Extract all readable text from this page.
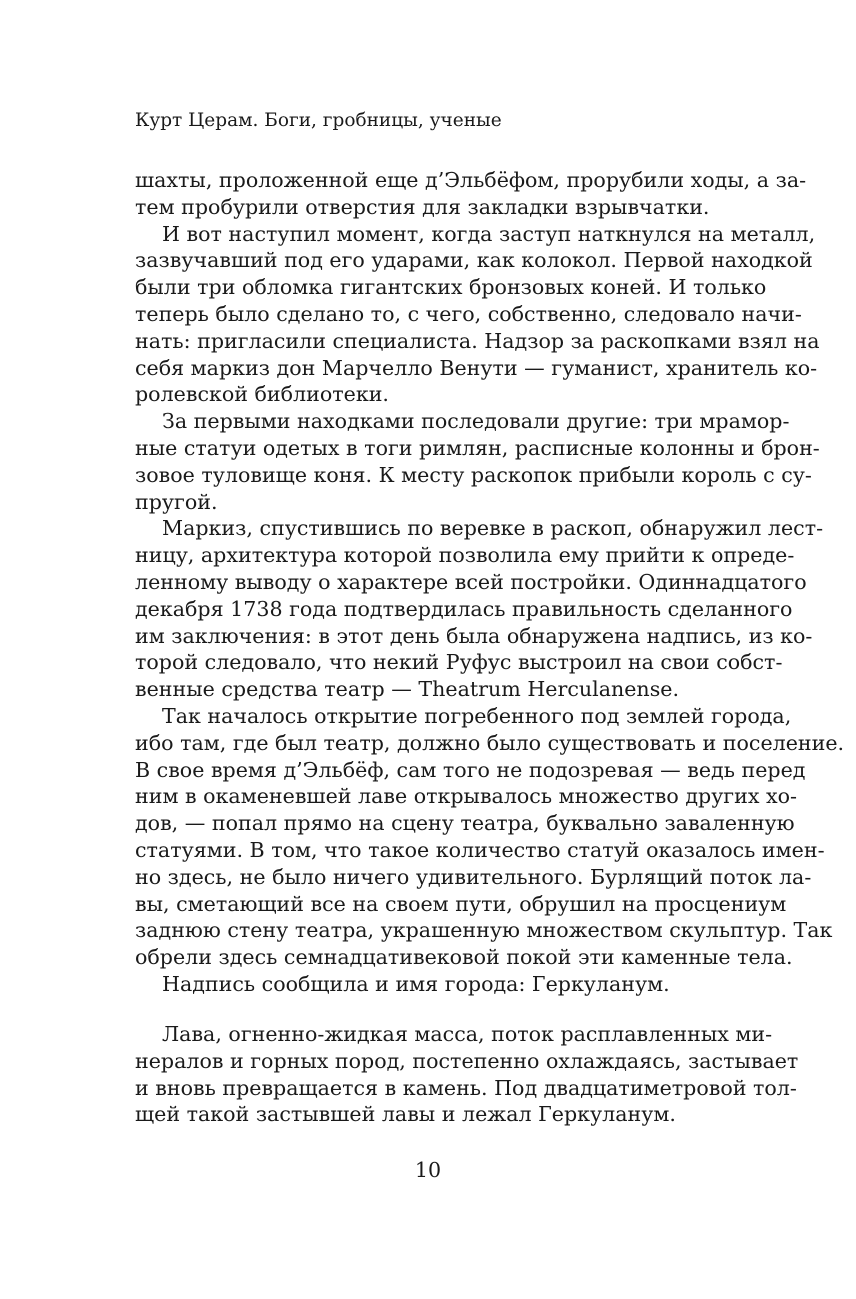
Курт Церам. Боги, гробницы, ученые
шахты, проложенной еще д’Эльбёфом, прорубили ходы, а за-
тем пробурили отверстия для закладки взрывчатки.
И вот наступил момент, когда заступ наткнулся на металл,
зазвучавший под его ударами, как колокол. Первой находкой
были три обломка гигантских бронзовых коней. И только
теперь было сделано то, с чего, собственно, следовало начи-
нать: пригласили специалиста. Надзор за раскопками взял на
себя маркиз дон Марчелло Венути — гуманист, хранитель ко-
ролевской библиотеки.
За первыми находками последовали другие: три мрамор-
ные статуи одетых в тоги римлян, расписные колонны и брон-
зовое туловище коня. К месту раскопок прибыли король с су-
пругой.
Маркиз, спустившись по веревке в раскоп, обнаружил лест-
ницу, архитектура которой позволила ему прийти к опреде-
ленному выводу о характере всей постройки. Одиннадцатого
декабря 1738 года подтвердилась правильность сделанного
им заключения: в этот день была обнаружена надпись, из ко-
торой следовало, что некий Руфус выстроил на свои собст-
венные средства театр — Theatrum Herculanense.
Так началось открытие погребенного под землей города,
ибо там, где был театр, должно было существовать и поселение.
В свое время д’Эльбёф, сам того не подозревая — ведь перед
ним в окаменевшей лаве открывалось множество других хо-
дов, — попал прямо на сцену театра, буквально заваленную
статуями. В том, что такое количество статуй оказалось имен-
но здесь, не было ничего удивительного. Бурлящий поток ла-
вы, сметающий все на своем пути, обрушил на просцениум
заднюю стену театра, украшенную множеством скульптур. Так
обрели здесь семнадцативековой покой эти каменные тела.
Надпись сообщила и имя города: Геркуланум.
Лава, огненно-жидкая масса, поток расплавленных ми-
нералов и горных пород, постепенно охлаждаясь, застывает
и вновь превращается в камень. Под двадцатиметровой тол-
щей такой застывшей лавы и лежал Геркуланум.
10
